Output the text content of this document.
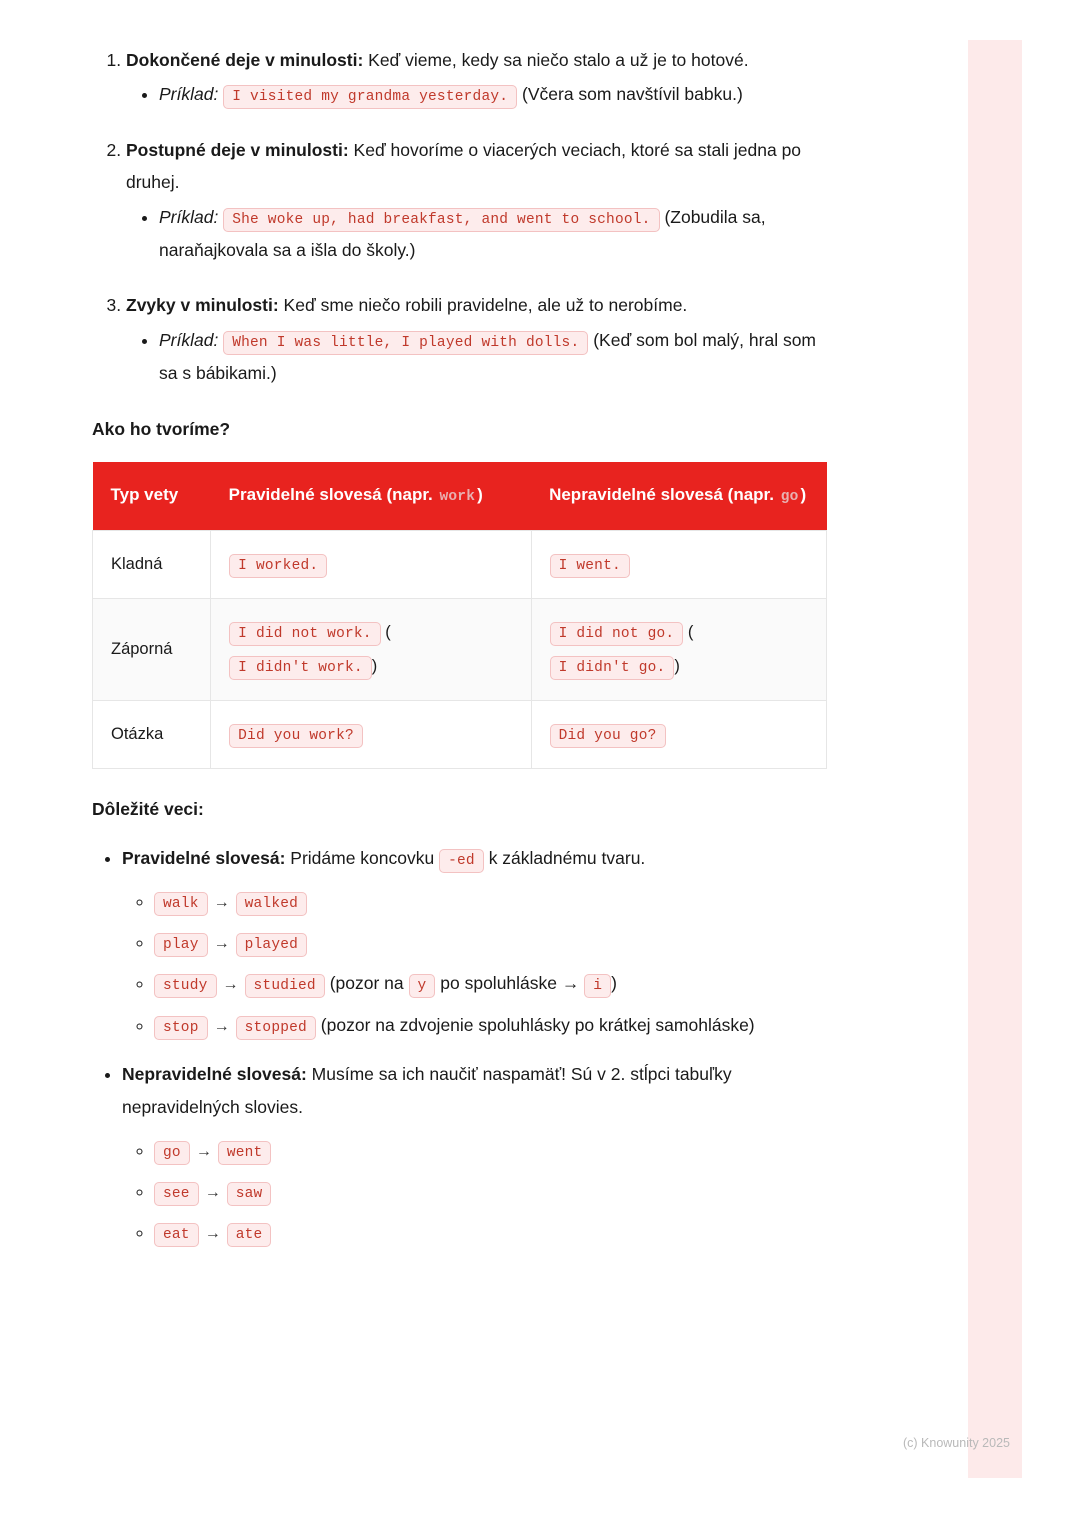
1. Dokončené deje v minulosti: Keď vieme, kedy sa niečo stalo a už je to hotové.
• Príklad: I visited my grandma yesterday. (Včera som navštívil babku.)
2. Postupné deje v minulosti: Keď hovoríme o viacerých veciach, ktoré sa stali jedna po druhej.
• Príklad: She woke up, had breakfast, and went to school. (Zobudila sa, naraňajkovala sa a išla do školy.)
3. Zvyky v minulosti: Keď sme niečo robili pravidelne, ale už to nerobíme.
• Príklad: When I was little, I played with dolls. (Keď som bol malý, hral som sa s bábikami.)
Ako ho tvoríme?
Typ vety	Pravidelné slovesá (napr. work )	Nepravidelné slovesá (napr. go )
Kladná	I worked.	I went.
Záporná	I did not work. ( I didn't work. )	I did not go. ( I didn't go. )
Otázka	Did you work?	Did you go?
Dôležité veci:
• Pravidelné slovesá: Pridáme koncovku -ed k základnému tvaru.
◦ walk → walked
◦ play → played
◦ study → studied (pozor na y po spoluhláske → i )
◦ stop → stopped (pozor na zdvojenie spoluhlásky po krátkej samohláske)
• Nepravidelné slovesá: Musíme sa ich naučiť naspamäť! Sú v 2. stĺpci tabuľky nepravidelných slovies.
◦ go → went
◦ see → saw
◦ eat → ate
(c) Knowunity 2025
